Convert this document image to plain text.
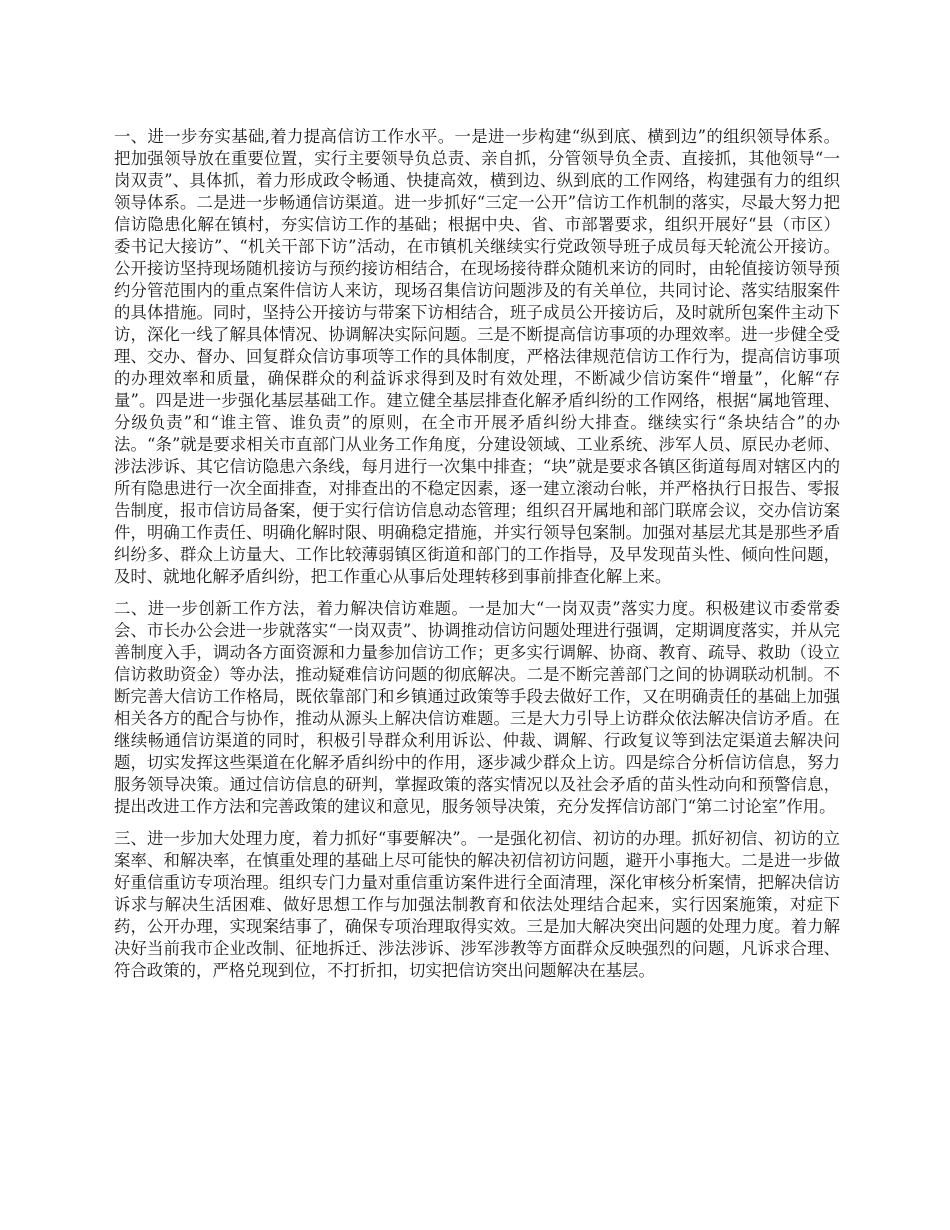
一、进一步夯实基础,着力提高信访工作水平。一是进一步构建“纵到底、横到边”的组织领导体系。把加强领导放在重要位置，实行主要领导负总责、亲自抓，分管领导负全责、直接抓，其他领导“一岗双责”、具体抓，着力形成政令畅通、快捷高效，横到边、纵到底的工作网络，构建强有力的组织领导体系。二是进一步畅通信访渠道。进一步抓好“三定一公开”信访工作机制的落实，尽最大努力把信访隐患化解在镇村，夯实信访工作的基础；根据中央、省、市部署要求，组织开展好“县（市区）委书记大接访”、“机关干部下访”活动，在市镇机关继续实行党政领导班子成员每天轮流公开接访。公开接访坚持现场随机接访与预约接访相结合，在现场接待群众随机来访的同时，由轮值接访领导预约分管范围内的重点案件信访人来访，现场召集信访问题涉及的有关单位，共同讨论、落实结服案件的具体措施。同时，坚持公开接访与带案下访相结合，班子成员公开接访后，及时就所包案件主动下访，深化一线了解具体情况、协调解决实际问题。三是不断提高信访事项的办理效率。进一步健全受理、交办、督办、回复群众信访事项等工作的具体制度，严格法律规范信访工作行为，提高信访事项的办理效率和质量，确保群众的利益诉求得到及时有效处理，不断减少信访案件“增量”，化解“存量”。四是进一步强化基层基础工作。建立健全基层排查化解矛盾纠纷的工作网络，根据“属地管理、分级负责”和“谁主管、谁负责”的原则，在全市开展矛盾纠纷大排查。继续实行“条块结合”的办法。“条”就是要求相关市直部门从业务工作角度，分建设领域、工业系统、涉军人员、原民办老师、涉法涉诉、其它信访隐患六条线，每月进行一次集中排查；“块”就是要求各镇区街道每周对辖区内的所有隐患进行一次全面排查，对排查出的不稳定因素，逐一建立滚动台帐，并严格执行日报告、零报告制度，报市信访局备案，便于实行信访信息动态管理；组织召开属地和部门联席会议，交办信访案件，明确工作责任、明确化解时限、明确稳定措施，并实行领导包案制。加强对基层尤其是那些矛盾纠纷多、群众上访量大、工作比较薄弱镇区街道和部门的工作指导，及早发现苗头性、倾向性问题，及时、就地化解矛盾纠纷，把工作重心从事后处理转移到事前排查化解上来。

二、进一步创新工作方法，着力解决信访难题。一是加大“一岗双责”落实力度。积极建议市委常委会、市长办公会进一步就落实“一岗双责”、协调推动信访问题处理进行强调，定期调度落实，并从完善制度入手，调动各方面资源和力量参加信访工作；更多实行调解、协商、教育、疏导、救助（设立信访救助资金）等办法，推动疑难信访问题的彻底解决。二是不断完善部门之间的协调联动机制。不断完善大信访工作格局，既依靠部门和乡镇通过政策等手段去做好工作，又在明确责任的基础上加强相关各方的配合与协作，推动从源头上解决信访难题。三是大力引导上访群众依法解决信访矛盾。在继续畅通信访渠道的同时，积极引导群众利用诉讼、仲裁、调解、行政复议等到法定渠道去解决问题，切实发挥这些渠道在化解矛盾纠纷中的作用，逐步减少群众上访。四是综合分析信访信息，努力服务领导决策。通过信访信息的研判，掌握政策的落实情况以及社会矛盾的苗头性动向和预警信息，提出改进工作方法和完善政策的建议和意见，服务领导决策，充分发挥信访部门“第二讨论室”作用。

三、进一步加大处理力度，着力抓好“事要解决”。一是强化初信、初访的办理。抓好初信、初访的立案率、和解决率，在慎重处理的基础上尽可能快的解决初信初访问题，避开小事拖大。二是进一步做好重信重访专项治理。组织专门力量对重信重访案件进行全面清理，深化审核分析案情，把解决信访诉求与解决生活困难、做好思想工作与加强法制教育和依法处理结合起来，实行因案施策，对症下药，公开办理，实现案结事了，确保专项治理取得实效。三是加大解决突出问题的处理力度。着力解决好当前我市企业改制、征地拆迁、涉法涉诉、涉军涉教等方面群众反映强烈的问题，凡诉求合理、符合政策的，严格兑现到位，不打折扣，切实把信访突出问题解决在基层。
